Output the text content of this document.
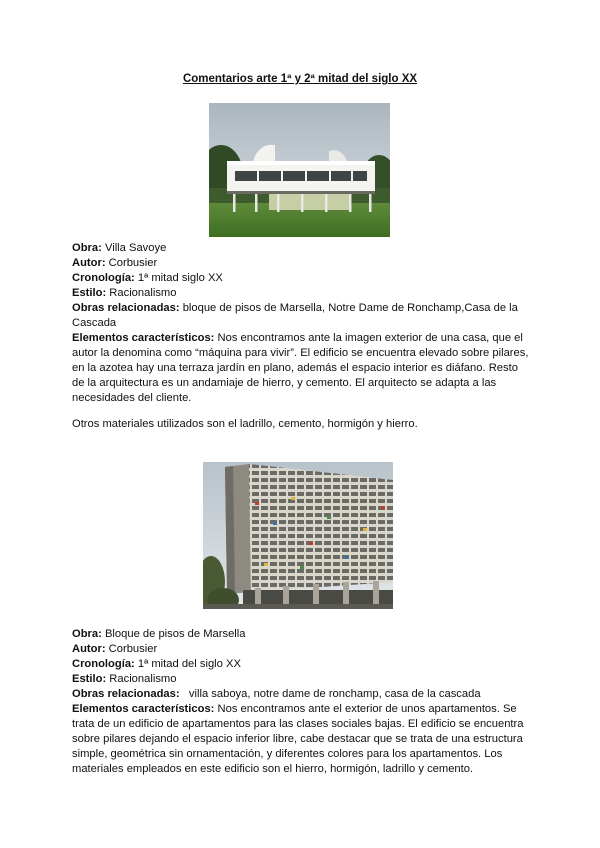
Comentarios arte 1ª y 2ª mitad del siglo XX

Obra: Villa Savoye

Autor: Corbusier

Cronología: 1ª mitad siglo XX

Estilo: Racionalismo

Obras relacionadas: bloque de pisos de Marsella, Notre Dame de Ronchamp,Casa de la Cascada

Elementos característicos: Nos encontramos ante la imagen exterior de una casa, que el autor la denomina como “máquina para vivir”. El edificio se encuentra elevado sobre pilares, en la azotea hay una terraza jardín en plano, además el espacio interior es diáfano. Resto de la arquitectura es un andamiaje de hierro, y cemento. El arquitecto se adapta a las necesidades del cliente.

Otros materiales utilizados son el ladrillo, cemento, hormigón y hierro.

Obra: Bloque de pisos de Marsella

Autor: Corbusier

Cronología: 1ª mitad del siglo XX

Estilo: Racionalismo

Obras relacionadas:   villa saboya, notre dame de ronchamp, casa de la cascada

Elementos característicos: Nos encontramos ante el exterior de unos apartamentos. Se trata de un edificio de apartamentos para las clases sociales bajas. El edificio se encuentra sobre pilares dejando el espacio inferior libre, cabe destacar que se trata de una estructura simple, geométrica sin ornamentación, y diferentes colores para los apartamentos. Los materiales empleados en este edificio son el hierro, hormigón, ladrillo y cemento.
